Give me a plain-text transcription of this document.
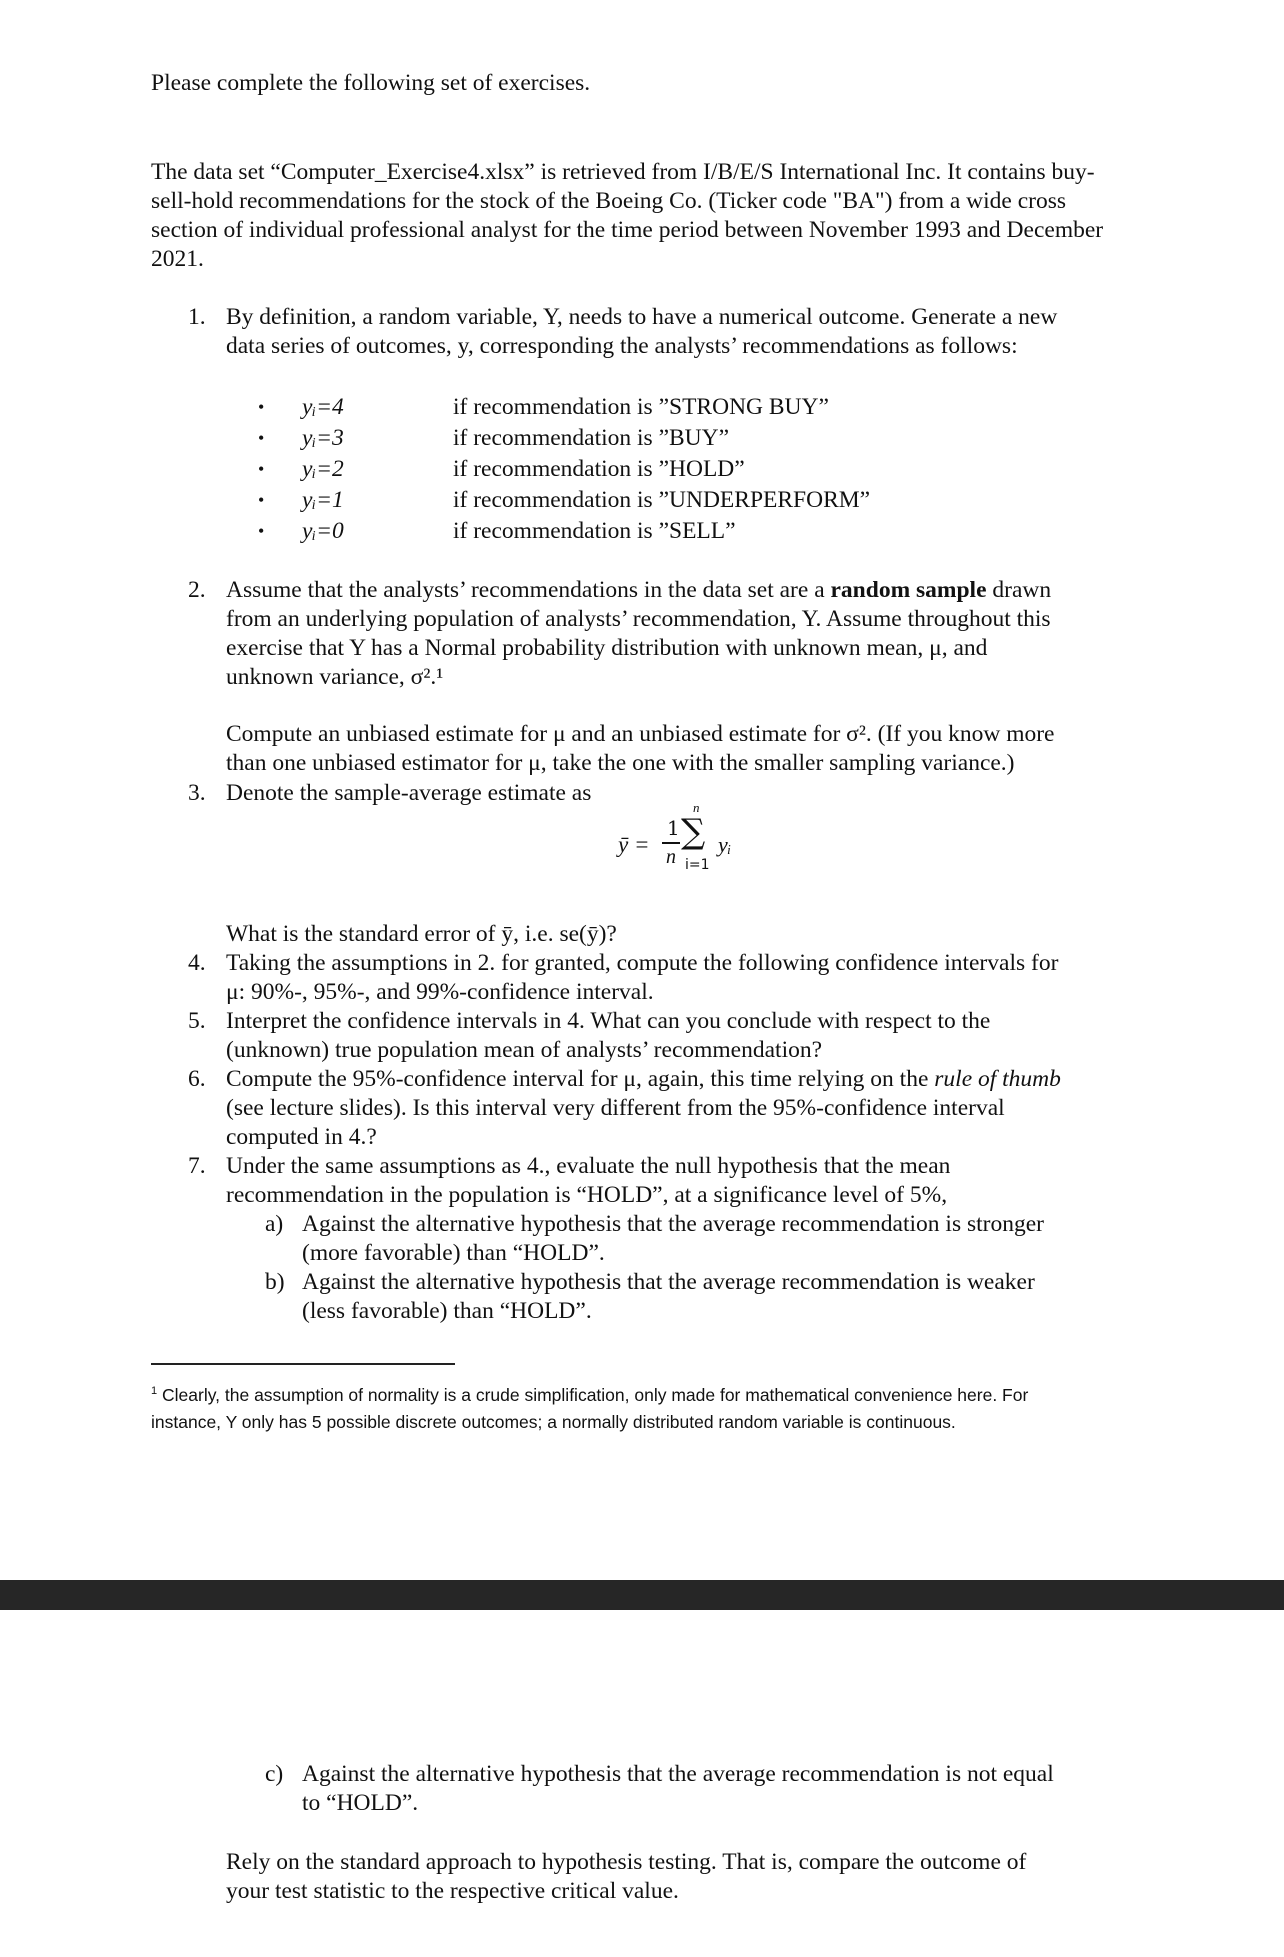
Please complete the following set of exercises.
The data set “Computer_Exercise4.xlsx” is retrieved from I/B/E/S International Inc. It contains buy-sell-hold recommendations for the stock of the Boeing Co. (Ticker code "BA") from a wide cross section of individual professional analyst for the time period between November 1993 and December 2021.
1. By definition, a random variable, Y, needs to have a numerical outcome. Generate a new
data series of outcomes, y, corresponding the analysts’ recommendations as follows:
• yᵢ=4	if recommendation is ”STRONG BUY”
• yᵢ=3	if recommendation is ”BUY”
• yᵢ=2	if recommendation is ”HOLD”
• yᵢ=1	if recommendation is ”UNDERPERFORM”
• yᵢ=0	if recommendation is ”SELL”
2. Assume that the analysts’ recommendations in the data set are a random sample drawn
from an underlying population of analysts’ recommendation, Y. Assume throughout this
exercise that Y has a Normal probability distribution with unknown mean, μ, and
unknown variance, σ².¹
Compute an unbiased estimate for μ and an unbiased estimate for σ². (If you know more
than one unbiased estimator for μ, take the one with the smaller sampling variance.)
3. Denote the sample-average estimate as
ȳ =
1
n
n
∑
i=1
yᵢ
What is the standard error of ȳ, i.e. se(ȳ)?
4. Taking the assumptions in 2. for granted, compute the following confidence intervals for
μ: 90%-, 95%-, and 99%-confidence interval.
5. Interpret the confidence intervals in 4. What can you conclude with respect to the
(unknown) true population mean of analysts’ recommendation?
6. Compute the 95%-confidence interval for μ, again, this time relying on the rule of thumb
(see lecture slides). Is this interval very different from the 95%-confidence interval
computed in 4.?
7. Under the same assumptions as 4., evaluate the null hypothesis that the mean
recommendation in the population is “HOLD”, at a significance level of 5%,
a) Against the alternative hypothesis that the average recommendation is stronger
(more favorable) than “HOLD”.
b) Against the alternative hypothesis that the average recommendation is weaker
(less favorable) than “HOLD”.
$^1$ Clearly, the assumption of normality is a crude simplification, only made for mathematical convenience here. For
instance, Y only has 5 possible discrete outcomes; a normally distributed random variable is continuous.
c) Against the alternative hypothesis that the average recommendation is not equal
to “HOLD”.
Rely on the standard approach to hypothesis testing. That is, compare the outcome of
your test statistic to the respective critical value.
